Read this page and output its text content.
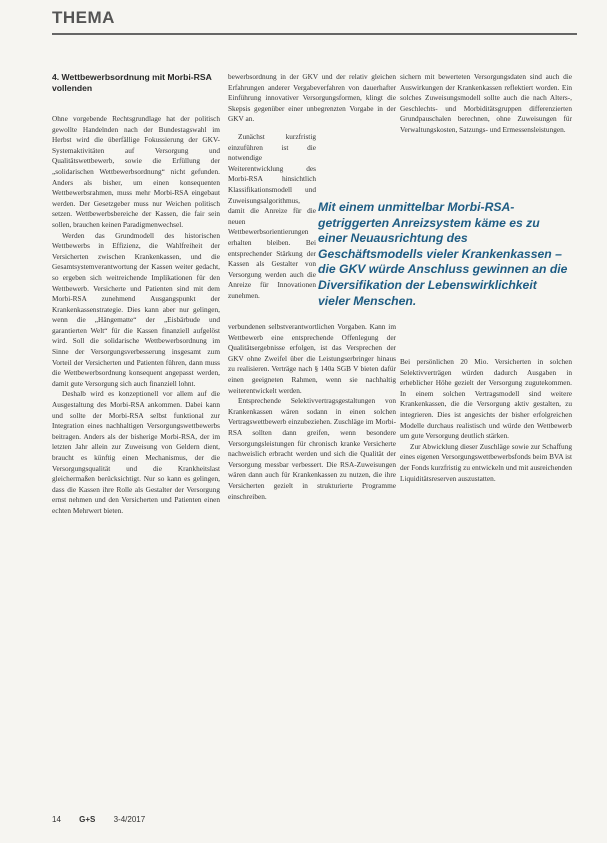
THEMA
4. Wettbewerbsordnung mit Morbi-RSA vollenden

Ohne vorgebende Rechtsgrundlage hat der politisch gewollte Handelnden nach der Bundestagswahl im Herbst wird die überfällige Fokussierung der GKV-Systemaktivitäten auf Versorgung und Qualitätswettbewerb, sowie die Erfüllung der „solidarischen Wettbewerbsordnung“ nicht gefunden. Anders als bisher, um einen konsequenten Wettbewerbsrahmen, muss mehr Morbi-RSA eingebaut werden. Der Gesetzgeber muss nur Weichen politisch setzen. Wettbewerbsbereiche der Kassen, die fair sein sollen, brauchen keinen Paradigmenwechsel.

Werden das Grundmodell des historischen Wettbewerbs in Effizienz, die Wahlfreiheit der Versicherten zwischen Krankenkassen, und die Gesamtsystemverantwortung der Kassen weiter gedacht, so ergeben sich weitreichende Implikationen für den Wettbewerb. Versicherte und Patienten sind mit dem Morbi-RSA zunehmend Ausgangspunkt der Krankenkassenstrategie. Dies kann aber nur gelingen, wenn die „Hängematte“ der „Eisbärbude und garantierten Welt“ für die Kassen finanziell aufgelöst wird. Soll die solidarische Wettbewerbsordnung im Sinne der Versorgungsverbesserung insgesamt zum Vorteil der Versicherten und Patienten führen, dann muss die Wettbewerbsordnung konsequent angepasst werden, damit gute Versorgung sich auch finanziell lohnt.

Deshalb wird es konzeptionell vor allem auf die Ausgestaltung des Morbi-RSA ankommen. Dabei kann und sollte der Morbi-RSA selbst funktional zur Integration eines nachhaltigen Versorgungswettbewerbs beitragen. Anders als der bisherige Morbi-RSA, der im letzten Jahr allein zur Zuweisung von Geldern dient, braucht es künftig einen Mechanismus, der die Versorgungsqualität und die Krankheitslast gleichermaßen berücksichtigt. Nur so kann es gelingen, dass die Kassen ihre Rolle als Gestalter der Versorgung ernst nehmen und den Versicherten und Patienten einen echten Mehrwert bieten.

bewerbsordnung in der GKV und der relativ gleichen Erfahrungen anderer Vergabeverfahren von dauerhafter Einführung innovativer Versorgungsformen, klingt die Skepsis gegenüber einer unbegrenzten Vorgabe in der GKV an.

Zunächst kurzfristig einzuführen ist die notwendige Weiterentwicklung des Morbi-RSA hinsichtlich Klassifikationsmodell und Zuweisungsalgorithmus, damit die Anreize für die neuen Wettbewerbsorientierungen erhalten bleiben. Bei entsprechender Stärkung der Kassen als Gestalter von Versorgung werden auch die Anreize für Innovationen zunehmen.

verbundenen selbstverantwortlichen Vorgaben. Kann im Wettbewerb eine entsprechende Offenlegung der Qualitätsergebnisse erfolgen, ist das Versprechen der GKV ohne Zweifel über die Leistungserbringer hinaus zu realisieren. Verträge nach § 140a SGB V bieten dafür einen geeigneten Rahmen, wenn sie nachhaltig weiterentwickelt werden.

Entsprechende Selektivvertragsgestaltungen von Krankenkassen wären sodann in einen solchen Vertragswettbewerb einzubeziehen. Zuschläge im Morbi-RSA sollten dann greifen, wenn besondere Versorgungsleistungen für chronisch kranke Versicherte nachweislich erbracht werden und sich die Qualität der Versorgung messbar verbessert. Die RSA-Zuweisungen wären dann auch für Krankenkassen zu nutzen, die ihre Versicherten gezielt in strukturierte Programme einschreiben.

sichern mit bewerteten Versorgungsdaten sind auch die Auswirkungen der Krankenkassen reflektiert worden. Ein solches Zuweisungsmodell sollte auch die nach Alters-, Geschlechts- und Morbiditätsgruppen differenzierten Grundpauschalen berechnen, ohne Zuweisungen für Verwaltungskosten, Satzungs- und Ermessensleistungen.

Bei persönlichen 20 Mio. Versicherten in solchen Selektivverträgen würden dadurch Ausgaben in erheblicher Höhe gezielt der Versorgung zugutekommen. In einem solchen Vertragsmodell sind weitere Krankenkassen, die die Versorgung aktiv gestalten, zu integrieren. Dies ist angesichts der bisher erfolgreichen Modelle durchaus realistisch und würde den Wettbewerb um gute Versorgung deutlich stärken.

Zur Abwicklung dieser Zuschläge sowie zur Schaffung eines eigenen Versorgungswettbewerbsfonds beim BVA ist der Fonds kurzfristig zu entwickeln und mit ausreichenden Liquiditätsreserven auszustatten.

Mit einem unmittelbar Morbi-RSA-getriggerten Anreizsystem käme es zu einer Neuausrichtung des Geschäftsmodells vieler Krankenkassen – die GKV würde Anschluss gewinnen an die Diversifikation der Lebenswirklichkeit vieler Menschen.
14 G+S 3-4/2017
